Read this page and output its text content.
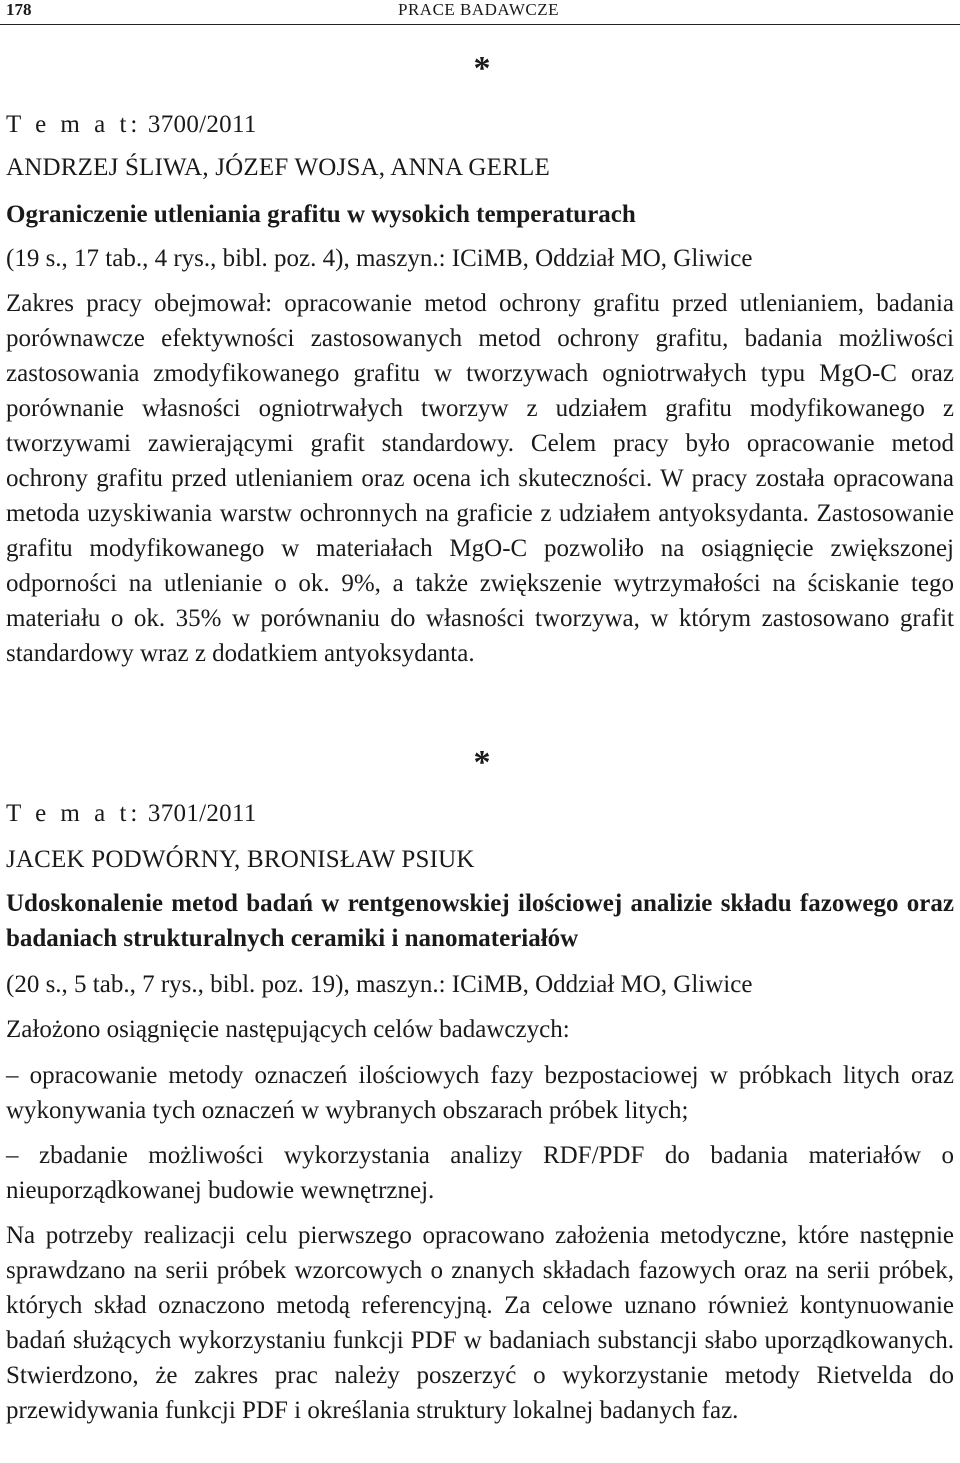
178	PRACE BADAWCZE
*
T e m a t: 3700/2011
ANDRZEJ ŚLIWA, JÓZEF WOJSA, ANNA GERLE
Ograniczenie utleniania grafitu w wysokich temperaturach
(19 s., 17 tab., 4 rys., bibl. poz. 4), maszyn.: ICiMB, Oddział MO, Gliwice

Zakres pracy obejmował: opracowanie metod ochrony grafitu przed utlenianiem, badania porównawcze efektywności zastosowanych metod ochrony grafitu, badania możliwości zastosowania zmodyfikowanego grafitu w tworzywach ogniotrwałych typu MgO-C oraz porównanie własności ogniotrwałych tworzyw z udziałem grafitu modyfikowanego z tworzywami zawierającymi grafit standardowy. Celem pracy było opracowanie metod ochrony grafitu przed utlenianiem oraz ocena ich skuteczności. W pracy została opracowana metoda uzyskiwania warstw ochronnych na graficie z udziałem antyoksydanta. Zastosowanie grafitu modyfikowanego w materiałach MgO-C pozwoliło na osiągnięcie zwiększonej odporności na utlenianie o ok. 9%, a także zwiększenie wytrzymałości na ściskanie tego materiału o ok. 35% w porównaniu do własności tworzywa, w którym zastosowano grafit standardowy wraz z dodatkiem antyoksydanta.

*
T e m a t: 3701/2011
JACEK PODWÓRNY, BRONISŁAW PSIUK
Udoskonalenie metod badań w rentgenowskiej ilościowej analizie składu fazowego oraz badaniach strukturalnych ceramiki i nanomateriałów
(20 s., 5 tab., 7 rys., bibl. poz. 19), maszyn.: ICiMB, Oddział MO, Gliwice
Założono osiągnięcie następujących celów badawczych:

– opracowanie metody oznaczeń ilościowych fazy bezpostaciowej w próbkach litych oraz wykonywania tych oznaczeń w wybranych obszarach próbek litych;

– zbadanie możliwości wykorzystania analizy RDF/PDF do badania materiałów o nieuporządkowanej budowie wewnętrznej.

Na potrzeby realizacji celu pierwszego opracowano założenia metodyczne, które następnie sprawdzano na serii próbek wzorcowych o znanych składach fazowych oraz na serii próbek, których skład oznaczono metodą referencyjną. Za celowe uznano również kontynuowanie badań służących wykorzystaniu funkcji PDF w badaniach substancji słabo uporządkowanych. Stwierdzono, że zakres prac należy poszerzyć o wykorzystanie metody Rietvelda do przewidywania funkcji PDF i określania struktury lokalnej badanych faz.
